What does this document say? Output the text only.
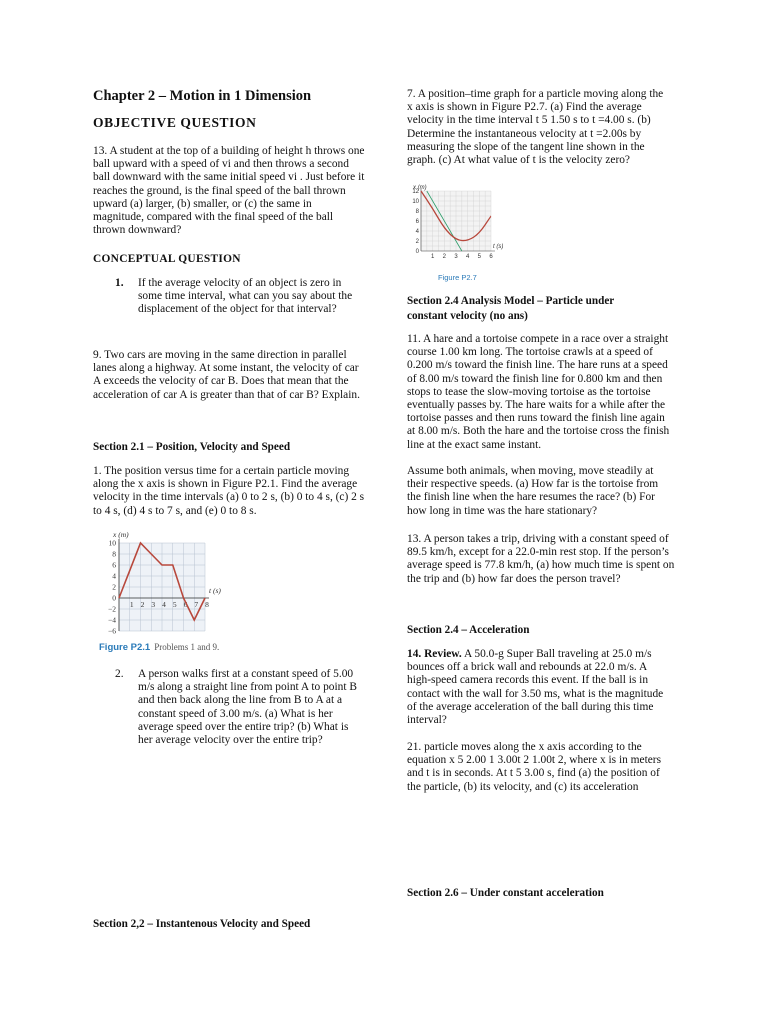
Chapter 2 – Motion in 1 Dimension

OBJECTIVE QUESTION

13. A student at the top of a building of height h throws one ball upward with a speed of vi and then throws a second ball downward with the same initial speed vi . Just before it reaches the ground, is the final speed of the ball thrown upward (a) larger, (b) smaller, or (c) the same in magnitude, compared with the final speed of the ball thrown downward?

CONCEPTUAL QUESTION

1. If the average velocity of an object is zero in some time interval, what can you say about the displacement of the object for that interval?

9. Two cars are moving in the same direction in parallel lanes along a highway. At some instant, the velocity of car A exceeds the velocity of car B. Does that mean that the acceleration of car A is greater than that of car B? Explain.

Section 2.1 – Position, Velocity and Speed

1. The position versus time for a certain particle moving along the x axis is shown in Figure P2.1. Find the average velocity in the time intervals (a) 0 to 2 s, (b) 0 to 4 s, (c) 2 s to 4 s, (d) 4 s to 7 s, and (e) 0 to 8 s.

10
8
6
4
2
0
−2
−4
−6
1 2 3 4 5 6 7 8
x (m)
t (s)
Figure P2.1 Problems 1 and 9.
2. A person walks first at a constant speed of 5.00 m/s along a straight line from point A to point B and then back along the line from B to A at a constant speed of 3.00 m/s. (a) What is her average speed over the entire trip? (b) What is her average velocity over the entire trip?

Section 2,2 – Instantenous Velocity and Speed

7. A position–time graph for a particle moving along the x axis is shown in Figure P2.7. (a) Find the average velocity in the time interval t 5 1.50 s to t =4.00 s. (b) Determine the instantaneous velocity at t =2.00s by measuring the slope of the tangent line shown in the graph. (c) At what value of t is the velocity zero?

12
10
8
6
4
2
0
1 2 3 4 5 6
x (m)
t (s)
Figure P2.7

Section 2.4 Analysis Model – Particle under constant velocity (no ans)

11. A hare and a tortoise compete in a race over a straight course 1.00 km long. The tortoise crawls at a speed of 0.200 m/s toward the finish line. The hare runs at a speed of 8.00 m/s toward the finish line for 0.800 km and then stops to tease the slow-moving tortoise as the tortoise eventually passes by. The hare waits for a while after the tortoise passes and then runs toward the finish line again at 8.00 m/s. Both the hare and the tortoise cross the finish line at the exact same instant.

Assume both animals, when moving, move steadily at their respective speeds. (a) How far is the tortoise from the finish line when the hare resumes the race? (b) For how long in time was the hare stationary?

13. A person takes a trip, driving with a constant speed of 89.5 km/h, except for a 22.0-min rest stop. If the person’s average speed is 77.8 km/h, (a) how much time is spent on the trip and (b) how far does the person travel?

Section 2.4 – Acceleration

14. Review. A 50.0-g Super Ball traveling at 25.0 m/s bounces off a brick wall and rebounds at 22.0 m/s. A high-speed camera records this event. If the ball is in contact with the wall for 3.50 ms, what is the magnitude of the average acceleration of the ball during this time interval?

21. particle moves along the x axis according to the equation x 5 2.00 1 3.00t 2 1.00t 2, where x is in meters and t is in seconds. At t 5 3.00 s, find (a) the position of the particle, (b) its velocity, and (c) its acceleration

Section 2.6 – Under constant acceleration
